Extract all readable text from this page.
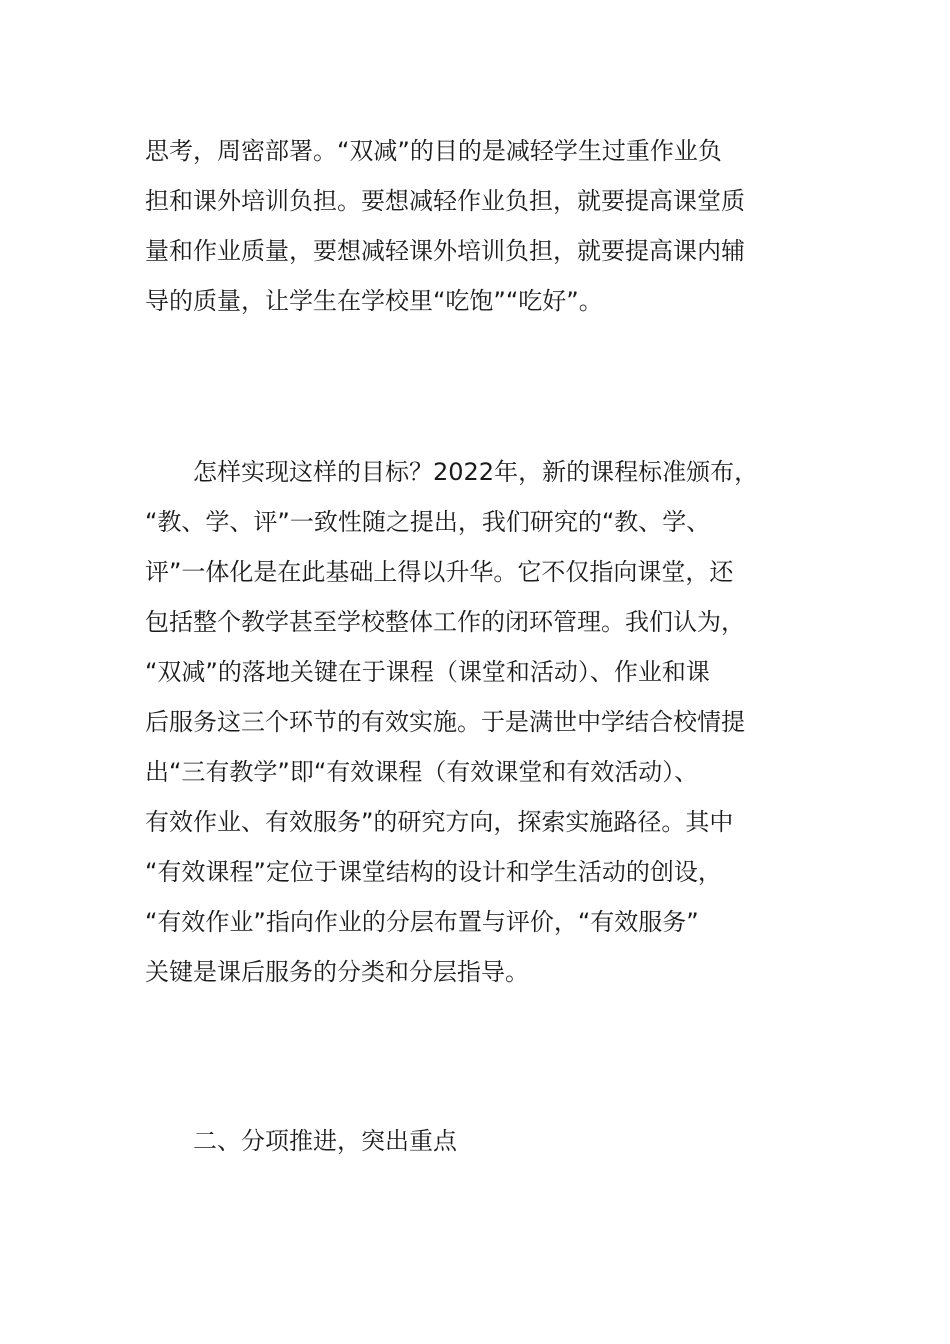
思考，周密部署。“双减”的目的是减轻学生过重作业负
担和课外培训负担。要想减轻作业负担，就要提高课堂质
量和作业质量，要想减轻课外培训负担，就要提高课内辅
导的质量，让学生在学校里“吃饱”“吃好”。
　　怎样实现这样的目标？2022年，新的课程标准颁布，
“教、学、评”一致性随之提出，我们研究的“教、学、
评”一体化是在此基础上得以升华。它不仅指向课堂，还
包括整个教学甚至学校整体工作的闭环管理。我们认为，
“双减”的落地关键在于课程（课堂和活动）、作业和课
后服务这三个环节的有效实施。于是满世中学结合校情提
出“三有教学”即“有效课程（有效课堂和有效活动）、
有效作业、有效服务”的研究方向，探索实施路径。其中
“有效课程”定位于课堂结构的设计和学生活动的创设，
“有效作业”指向作业的分层布置与评价，“有效服务”
关键是课后服务的分类和分层指导。
　　二、分项推进，突出重点
